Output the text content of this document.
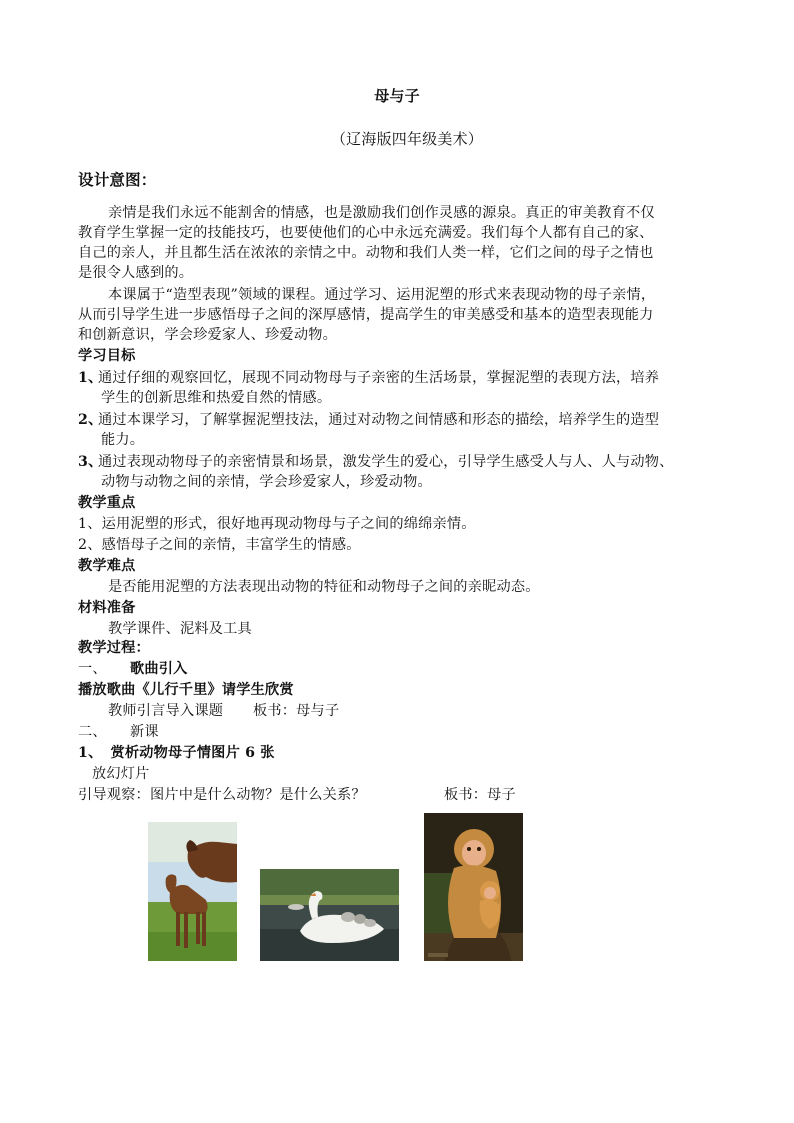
母与子
（辽海版四年级美术）
设计意图：
亲情是我们永远不能割舍的情感，也是激励我们创作灵感的源泉。真正的审美教育不仅
教育学生掌握一定的技能技巧，也要使他们的心中永远充满爱。我们每个人都有自己的家、
自己的亲人，并且都生活在浓浓的亲情之中。动物和我们人类一样，它们之间的母子之情也
是很令人感到的。
本课属于“造型表现”领域的课程。通过学习、运用泥塑的形式来表现动物的母子亲情，
从而引导学生进一步感悟母子之间的深厚感情，提高学生的审美感受和基本的造型表现能力
和创新意识，学会珍爱家人、珍爱动物。
学习目标
1、通过仔细的观察回忆，展现不同动物母与子亲密的生活场景，掌握泥塑的表现方法，培养
学生的创新思维和热爱自然的情感。
2、通过本课学习，了解掌握泥塑技法，通过对动物之间情感和形态的描绘，培养学生的造型
能力。
3、通过表现动物母子的亲密情景和场景，激发学生的爱心，引导学生感受人与人、人与动物、
动物与动物之间的亲情，学会珍爱家人，珍爱动物。
教学重点
1、运用泥塑的形式，很好地再现动物母与子之间的绵绵亲情。
2、感悟母子之间的亲情，丰富学生的情感。
教学难点
是否能用泥塑的方法表现出动物的特征和动物母子之间的亲昵动态。
材料准备
教学课件、泥料及工具
教学过程：
一、 歌曲引入
播放歌曲《儿行千里》请学生欣赏
教师引言导入课题 板书：母与子
二、 新课
1、 赏析动物母子情图片 6 张
放幻灯片
引导观察：图片中是什么动物？是什么关系？	板书：母子
